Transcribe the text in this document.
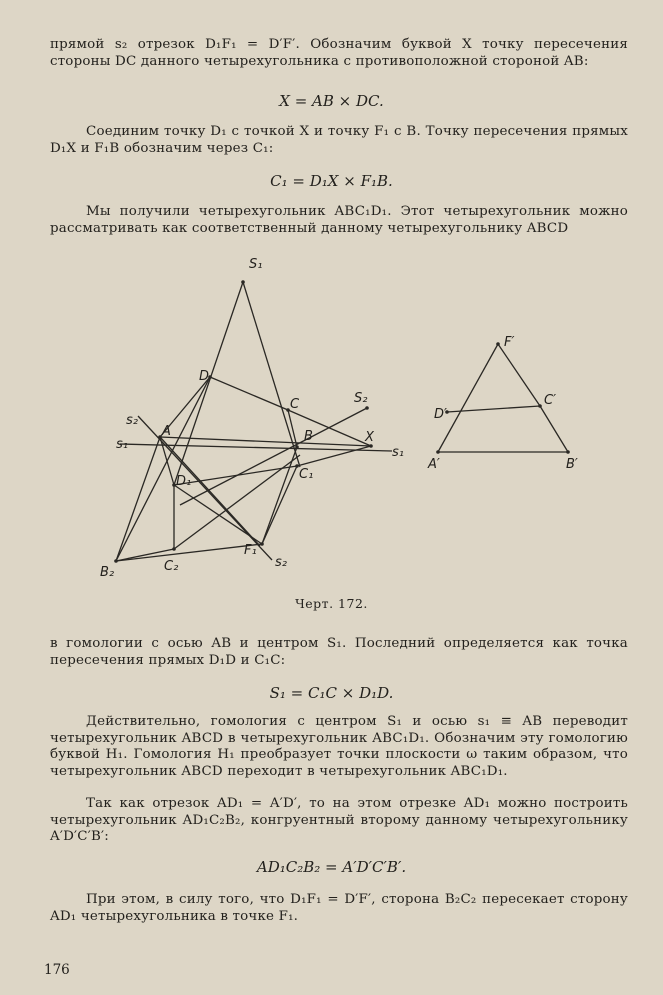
прямой s₂ отрезок D₁F₁ = D′F′. Обозначим буквой X точку пересечения стороны DC данного четырехугольника с противоположной стороной AB:

X = AB ⨯ DC.

Соединим точку D₁ с точкой X и точку F₁ с B. Точку пересечения прямых D₁X и F₁B обозначим через C₁:

C₁ = D₁X ⨯ F₁B.

Мы получили четырехугольник ABC₁D₁. Этот четырехугольник можно рассматривать как соответственный данному четырехугольнику ABCD

S₁
D
C	S₂
s₂
A	B	X
s₁
s₁
D₁	C₁
F₁
s₂
B₂	C₂
F′
D′
C′
A′	B′

Черт. 172.

в гомологии с осью AB и центром S₁. Последний определяется как точка пересечения прямых D₁D и C₁C:

S₁ = C₁C ⨯ D₁D.

Действительно, гомология с центром S₁ и осью s₁ ≡ AB переводит четырехугольник ABCD в четырехугольник ABC₁D₁. Обозначим эту гомологию буквой H₁. Гомология H₁ преобразует точки плоскости ω таким образом, что четырехугольник ABCD переходит в четырехугольник ABC₁D₁.

Так как отрезок AD₁ = A′D′, то на этом отрезке AD₁ можно построить четырехугольник AD₁C₂B₂, конгруентный второму данному четырехугольнику A′D′C′B′:

AD₁C₂B₂ = A′D′C′B′.

При этом, в силу того, что D₁F₁ = D′F′, сторона B₂C₂ пересекает сторону AD₁ четырехугольника в точке F₁.

176
